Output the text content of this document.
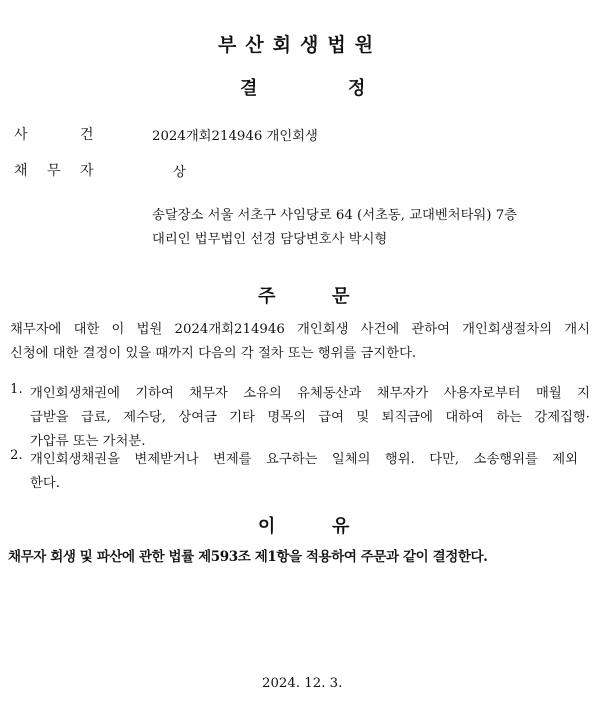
부산회생법원
결	정
사	건	2024개회214946 개인회생
채 무 자	상
송달장소 서울 서초구 사임당로 64 (서초동, 교대벤처타워) 7층
대리인 법무법인 선경 담당변호사 박시형
주	문
채무자에 대한 이 법원 2024개회214946 개인회생 사건에 관하여 개인회생절차의 개시
신청에 대한 결정이 있을 때까지 다음의 각 절차 또는 행위를 금지한다.
1. 개인회생채권에 기하여 채무자 소유의 유체동산과 채무자가 사용자로부터 매월 지
급받을 급료, 제수당, 상여금 기타 명목의 급여 및 퇴직금에 대하여 하는 강제집행·
가압류 또는 가처분.
2. 개인회생채권을 변제받거나 변제를 요구하는 일체의 행위. 다만, 소송행위를 제외
한다.
이	유
채무자 회생 및 파산에 관한 법률 제593조 제1항을 적용하여 주문과 같이 결정한다.
2024. 12. 3.
